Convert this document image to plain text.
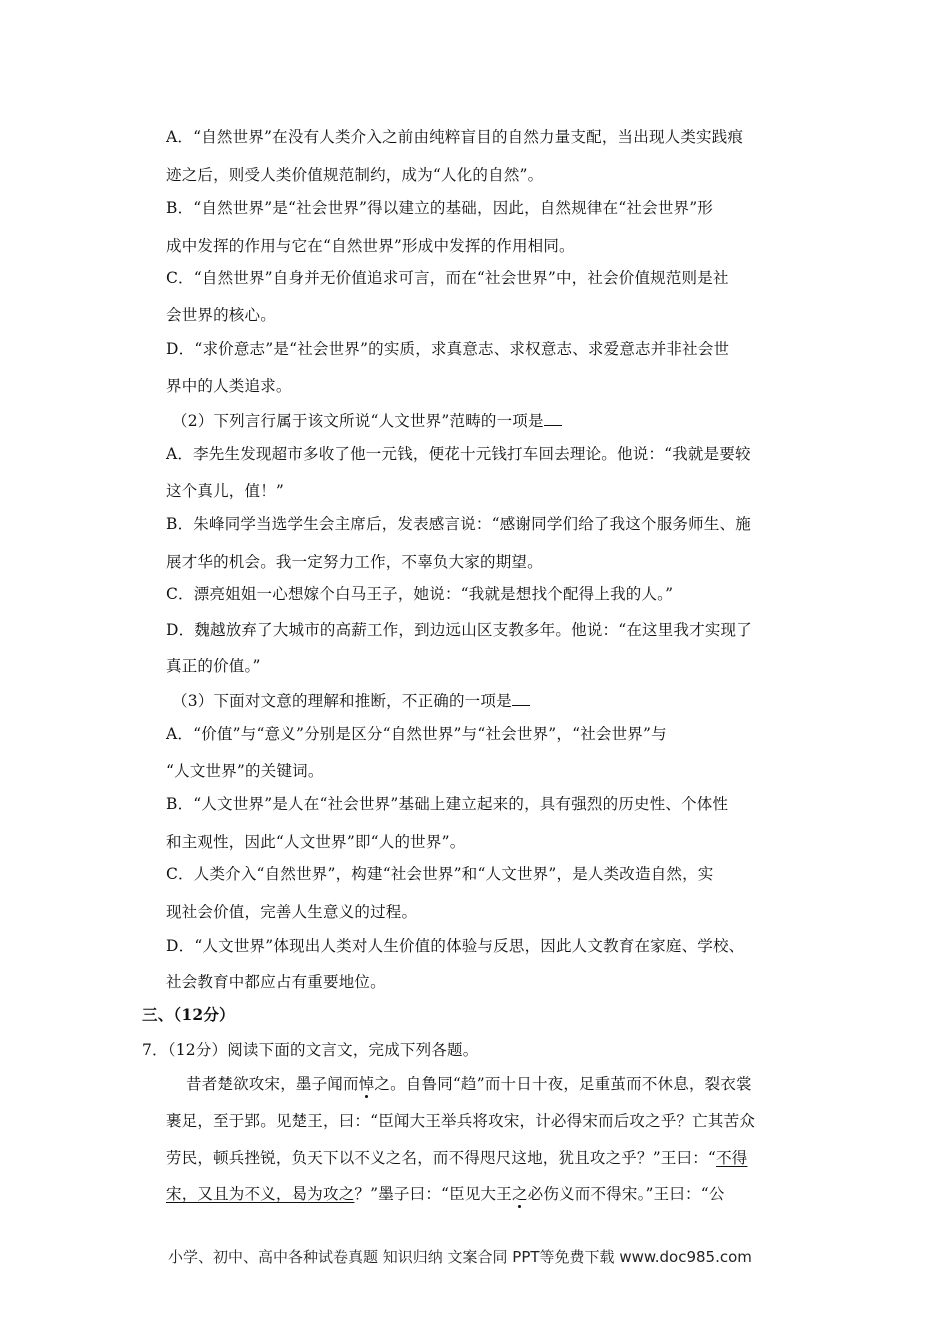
A．“自然世界”在没有人类介入之前由纯粹盲目的自然力量支配，当出现人类实践痕
迹之后，则受人类价值规范制约，成为“人化的自然”。
B．“自然世界”是“社会世界”得以建立的基础，因此，自然规律在“社会世界”形
成中发挥的作用与它在“自然世界”形成中发挥的作用相同。
C．“自然世界”自身并无价值追求可言，而在“社会世界”中，社会价值规范则是社
会世界的核心。
D．“求价意志”是“社会世界”的实质，求真意志、求权意志、求爱意志并非社会世
界中的人类追求。
（2）下列言行属于该文所说“人文世界”范畴的一项是
A．李先生发现超市多收了他一元钱，便花十元钱打车回去理论。他说：“我就是要较
这个真儿，值！”
B．朱峰同学当选学生会主席后，发表感言说：“感谢同学们给了我这个服务师生、施
展才华的机会。我一定努力工作，不辜负大家的期望。
C．漂亮姐姐一心想嫁个白马王子，她说：“我就是想找个配得上我的人。”
D．魏越放弃了大城市的高薪工作，到边远山区支教多年。他说：“在这里我才实现了
真正的价值。”
（3）下面对文意的理解和推断，不正确的一项是
A．“价值”与“意义”分别是区分“自然世界”与“社会世界”，“社会世界”与
“人文世界”的关键词。
B．“人文世界”是人在“社会世界”基础上建立起来的，具有强烈的历史性、个体性
和主观性，因此“人文世界”即“人的世界”。
C．人类介入“自然世界”，构建“社会世界”和“人文世界”，是人类改造自然，实
现社会价值，完善人生意义的过程。
D．“人文世界”体现出人类对人生价值的体验与反思，因此人文教育在家庭、学校、
社会教育中都应占有重要地位。
三、（12分）
7．（12分）阅读下面的文言文，完成下列各题。
昔者楚欲攻宋，墨子闻而悼之。自鲁同“趋”而十日十夜，足重茧而不休息，裂衣裳
裹足，至于郢。见楚王，曰：“臣闻大王举兵将攻宋，计必得宋而后攻之乎？亡其苦众
劳民，顿兵挫锐，负天下以不义之名，而不得咫尺这地，犹且攻之乎？”王曰：“不得
宋，又且为不义，曷为攻之？”墨子曰：“臣见大王之必伤义而不得宋。”王曰：“公
小学、初中、高中各种试卷真题 知识归纳 文案合同 PPT等免费下载 www.doc985.com
